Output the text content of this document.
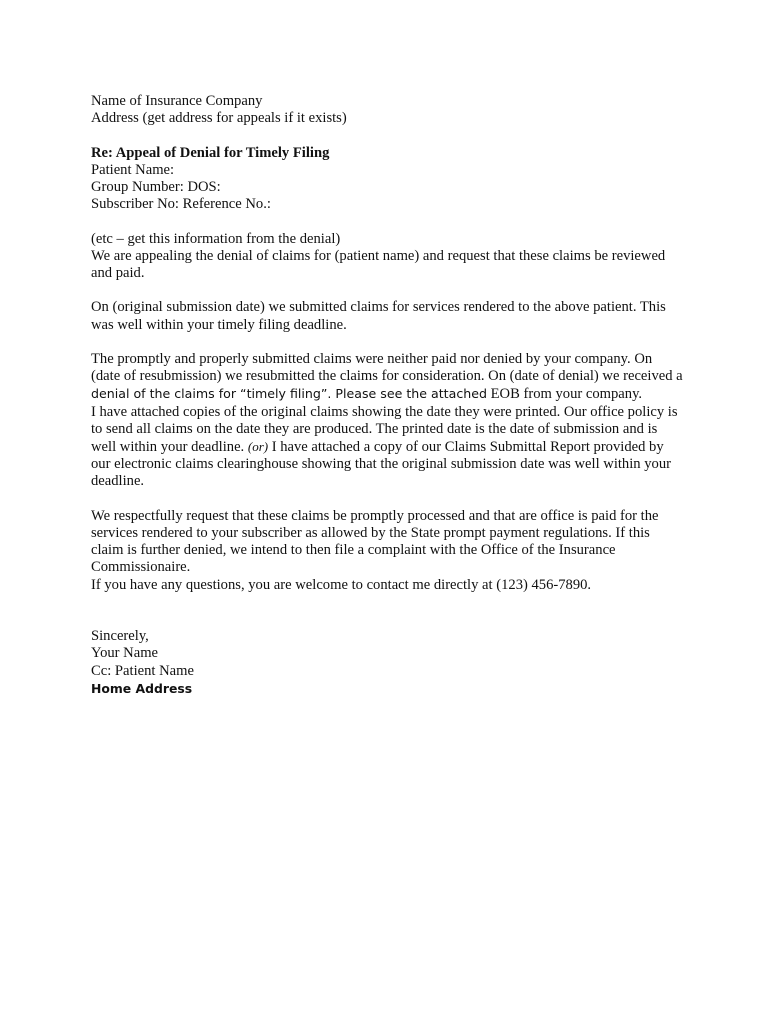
Name of Insurance Company
Address (get address for appeals if it exists)
Re: Appeal of Denial for Timely Filing
Patient Name:
Group Number: DOS:
Subscriber No: Reference No.:
(etc – get this information from the denial)
We are appealing the denial of claims for (patient name) and request that these claims be reviewed
and paid.
On (original submission date) we submitted claims for services rendered to the above patient. This
was well within your timely filing deadline.
The promptly and properly submitted claims were neither paid nor denied by your company. On
(date of resubmission) we resubmitted the claims for consideration. On (date of denial) we received a
denial of the claims for “timely filing”. Please see the attached EOB from your company.
I have attached copies of the original claims showing the date they were printed. Our office policy is
to send all claims on the date they are produced. The printed date is the date of submission and is
well within your deadline. (or) I have attached a copy of our Claims Submittal Report provided by
our electronic claims clearinghouse showing that the original submission date was well within your
deadline.
We respectfully request that these claims be promptly processed and that are office is paid for the
services rendered to your subscriber as allowed by the State prompt payment regulations. If this
claim is further denied, we intend to then file a complaint with the Office of the Insurance
Commissionaire.
If you have any questions, you are welcome to contact me directly at (123) 456-7890.
Sincerely,
Your Name
Cc: Patient Name
Home Address
